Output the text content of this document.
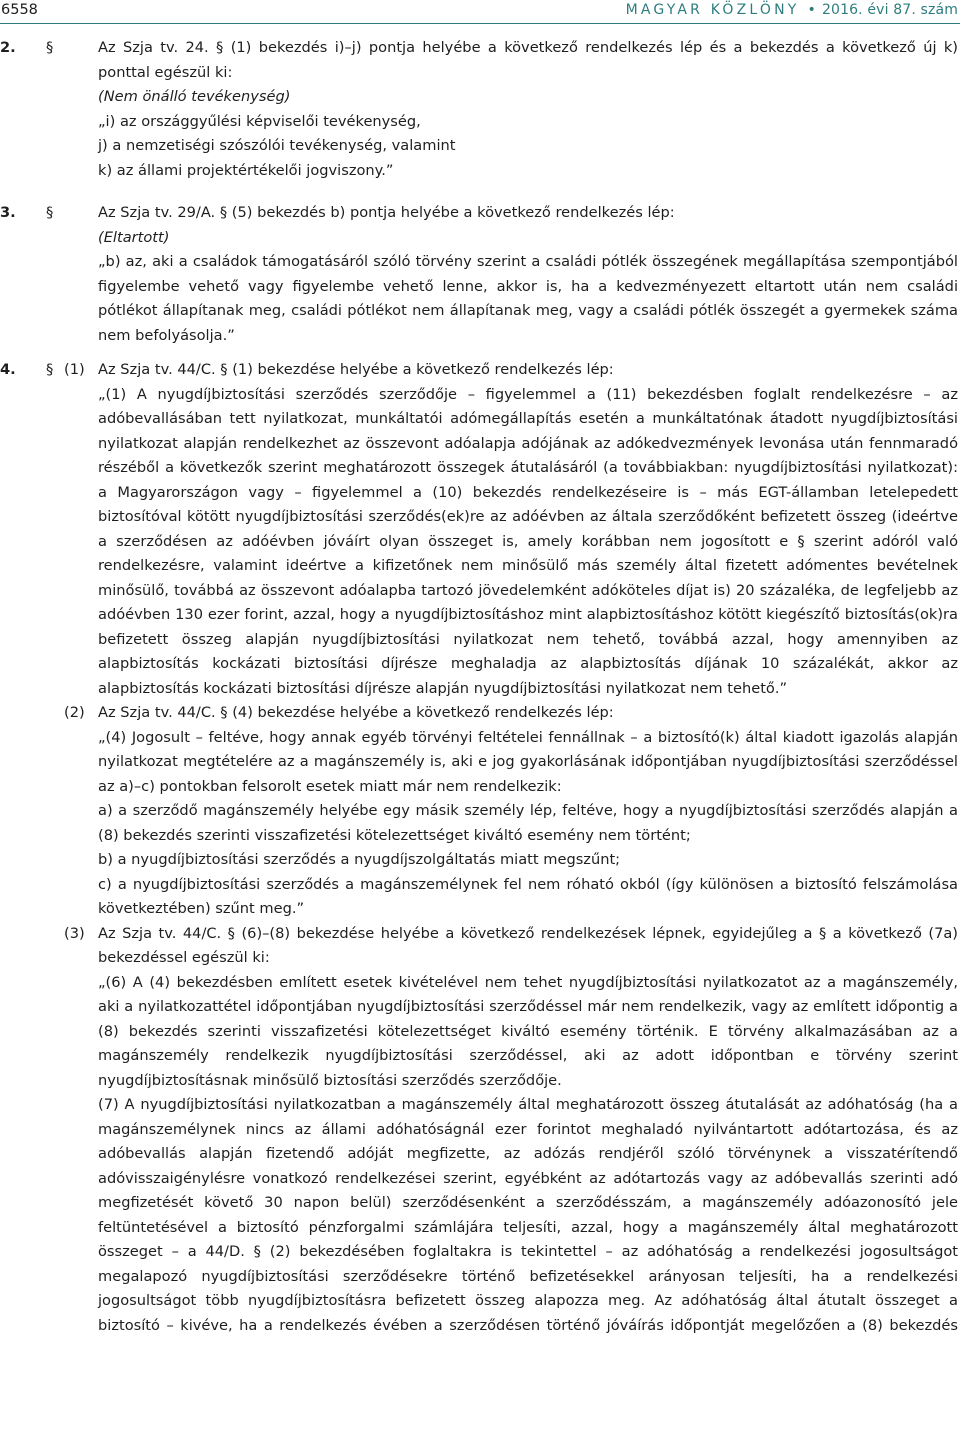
6558	MAGYAR KÖZLÖNY • 2016. évi 87. szám
2. §	Az Szja tv. 24. § (1) bekezdés i)–j) pontja helyébe a következő rendelkezés lép és a bekezdés a következő új k) ponttal egészül ki:

(Nem önálló tevékenység)

„i) az országgyűlési képviselői tevékenység,

j) a nemzetiségi szószólói tevékenység, valamint

k) az állami projektértékelői jogviszony.”

3. §	Az Szja tv. 29/A. § (5) bekezdés b) pontja helyébe a következő rendelkezés lép:

(Eltartott)

„b) az, aki a családok támogatásáról szóló törvény szerint a családi pótlék összegének megállapítása szempontjából figyelembe vehető vagy figyelembe vehető lenne, akkor is, ha a kedvezményezett eltartott után nem családi pótlékot állapítanak meg, családi pótlékot nem állapítanak meg, vagy a családi pótlék összegét a gyermekek száma nem befolyásolja.”

4. § (1) Az Szja tv. 44/C. § (1) bekezdése helyébe a következő rendelkezés lép:

„(1) A nyugdíjbiztosítási szerződés szerződője – figyelemmel a (11) bekezdésben foglalt rendelkezésre – az adóbevallásában tett nyilatkozat, munkáltatói adómegállapítás esetén a munkáltatónak átadott nyugdíjbiztosítási nyilatkozat alapján rendelkezhet az összevont adóalapja adójának az adókedvezmények levonása után fennmaradó részéből a következők szerint meghatározott összegek átutalásáról (a továbbiakban: nyugdíjbiztosítási nyilatkozat): a Magyarországon vagy – figyelemmel a (10) bekezdés rendelkezéseire is – más EGT-államban letelepedett biztosítóval kötött nyugdíjbiztosítási szerződés(ek)re az adóévben az általa szerződőként befizetett összeg (ideértve a szerződésen az adóévben jóváírt olyan összeget is, amely korábban nem jogosított e § szerint adóról való rendelkezésre, valamint ideértve a kifizetőnek nem minősülő más személy által fizetett adómentes bevételnek minősülő, továbbá az összevont adóalapba tartozó jövedelemként adóköteles díjat is) 20 százaléka, de legfeljebb az adóévben 130 ezer forint, azzal, hogy a nyugdíjbiztosításhoz mint alapbiztosításhoz kötött kiegészítő biztosítás(ok)ra befizetett összeg alapján nyugdíjbiztosítási nyilatkozat nem tehető, továbbá azzal, hogy amennyiben az alapbiztosítás kockázati biztosítási díjrésze meghaladja az alapbiztosítás díjának 10 százalékát, akkor az alapbiztosítás kockázati biztosítási díjrésze alapján nyugdíjbiztosítási nyilatkozat nem tehető.”

(2) Az Szja tv. 44/C. § (4) bekezdése helyébe a következő rendelkezés lép:

„(4) Jogosult – feltéve, hogy annak egyéb törvényi feltételei fennállnak – a biztosító(k) által kiadott igazolás alapján nyilatkozat megtételére az a magánszemély is, aki e jog gyakorlásának időpontjában nyugdíjbiztosítási szerződéssel az a)–c) pontokban felsorolt esetek miatt már nem rendelkezik:

a) a szerződő magánszemély helyébe egy másik személy lép, feltéve, hogy a nyugdíjbiztosítási szerződés alapján a (8) bekezdés szerinti visszafizetési kötelezettséget kiváltó esemény nem történt;

b) a nyugdíjbiztosítási szerződés a nyugdíjszolgáltatás miatt megszűnt;

c) a nyugdíjbiztosítási szerződés a magánszemélynek fel nem róható okból (így különösen a biztosító felszámolása következtében) szűnt meg.”

(3) Az Szja tv. 44/C. § (6)–(8) bekezdése helyébe a következő rendelkezések lépnek, egyidejűleg a § a következő (7a) bekezdéssel egészül ki:

„(6) A (4) bekezdésben említett esetek kivételével nem tehet nyugdíjbiztosítási nyilatkozatot az a magánszemély, aki a nyilatkozattétel időpontjában nyugdíjbiztosítási szerződéssel már nem rendelkezik, vagy az említett időpontig a (8) bekezdés szerinti visszafizetési kötelezettséget kiváltó esemény történik. E törvény alkalmazásában az a magánszemély rendelkezik nyugdíjbiztosítási szerződéssel, aki az adott időpontban e törvény szerint nyugdíjbiztosításnak minősülő biztosítási szerződés szerződője.

(7) A nyugdíjbiztosítási nyilatkozatban a magánszemély által meghatározott összeg átutalását az adóhatóság (ha a magánszemélynek nincs az állami adóhatóságnál ezer forintot meghaladó nyilvántartott adótartozása, és az adóbevallás alapján fizetendő adóját megfizette, az adózás rendjéről szóló törvénynek a visszatérítendő adóvisszaigénylésre vonatkozó rendelkezései szerint, egyébként az adótartozás vagy az adóbevallás szerinti adó megfizetését követő 30 napon belül) szerződésenként a szerződésszám, a magánszemély adóazonosító jele feltüntetésével a biztosító pénzforgalmi számlájára teljesíti, azzal, hogy a magánszemély által meghatározott összeget – a 44/D. § (2) bekezdésében foglaltakra is tekintettel – az adóhatóság a rendelkezési jogosultságot megalapozó nyugdíjbiztosítási szerződésekre történő befizetésekkel arányosan teljesíti, ha a rendelkezési jogosultságot több nyugdíjbiztosításra befizetett összeg alapozza meg. Az adóhatóság által átutalt összeget a biztosító – kivéve, ha a rendelkezés évében a szerződésen történő jóváírás időpontját megelőzően a (8) bekezdés
